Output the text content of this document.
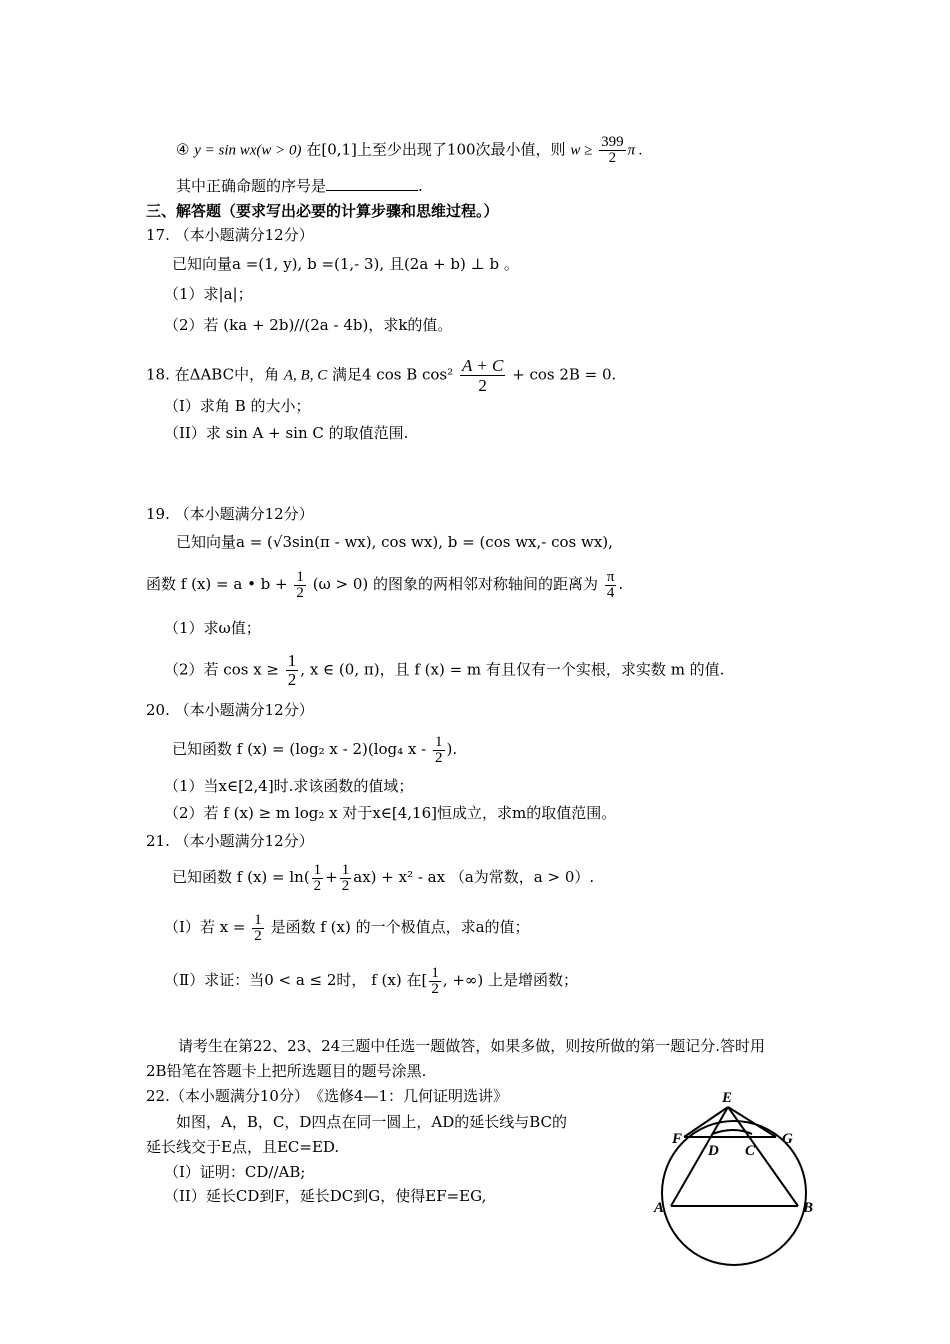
④ y = sin wx(w > 0) 在[0,1]上至少出现了100次最小值，则 $w \ge \frac{399}{2}$ π .
其中正确命题的序号是	.
三、解答题（要求写出必要的计算步骤和思维过程。）
17. （本小题满分12分）
已知向量a =(1, y), b =(1,- 3), 且(2a + b) ⊥ b 。
（1）求|a|；
（2）若 (ka + 2b)//(2a - 4b)，求k的值。
18. 在ΔABC中，角 A, B, C 满足4 cos B $\cos^2 \frac{A + C}{2} + \cos 2B = 0$.
（I）求角 B 的大小；
（II）求 sin A + sin C 的取值范围.
19. （本小题满分12分）
已知向量a = (√3sin(π - wx), cos wx), b = (cos wx,- cos wx),
函数 f (x) = a • $b + \frac{1}{2} (\omega > 0)$ 的图象的两相邻对称轴间的距离为 $\frac{\pi}{4}$ .
（1）求ω值；
（2）若 $\cos x \ge \frac{1}{2}$ , x ∈ (0, π)，且 f (x) = m 有且仅有一个实根，求实数 m 的值.
20. （本小题满分12分）
已知函数 f (x) = (log₂ x - 2)(log₄ x - $\frac{1}{2}$ ).
（1）当x∈[2,4]时.求该函数的值域；
（2）若 f (x) ≥ m log₂ x 对于x∈[4,16]恒成立，求m的取值范围。
21. （本小题满分12分）
已知函数 f $(x) = \ln( \frac{1}{2} + \frac{1}{2} ax) + x^2$ - ax （a为常数，a > 0）.
（Ⅰ）若 $x = \frac{1}{2}$ 是函数 f (x) 的一个极值点，求a的值；
（Ⅱ）求证：当0 < a ≤ 2时， f (x) 在[ $\frac{1}{2}$ , +∞) 上是增函数；
请考生在第22、23、24三题中任选一题做答，如果多做，则按所做的第一题记分.答时用
2B铅笔在答题卡上把所选题目的题号涂黑.
22.（本小题满分10分）　《选修4—1：几何证明选讲》
如图，A，B，C，D四点在同一圆上，AD的延长线与BC的
延长线交于E点，且EC=ED.
（I）证明：CD//AB;
（II）延长CD到F，延长DC到G，使得EF=EG,
E
F	G
D C
A	B
